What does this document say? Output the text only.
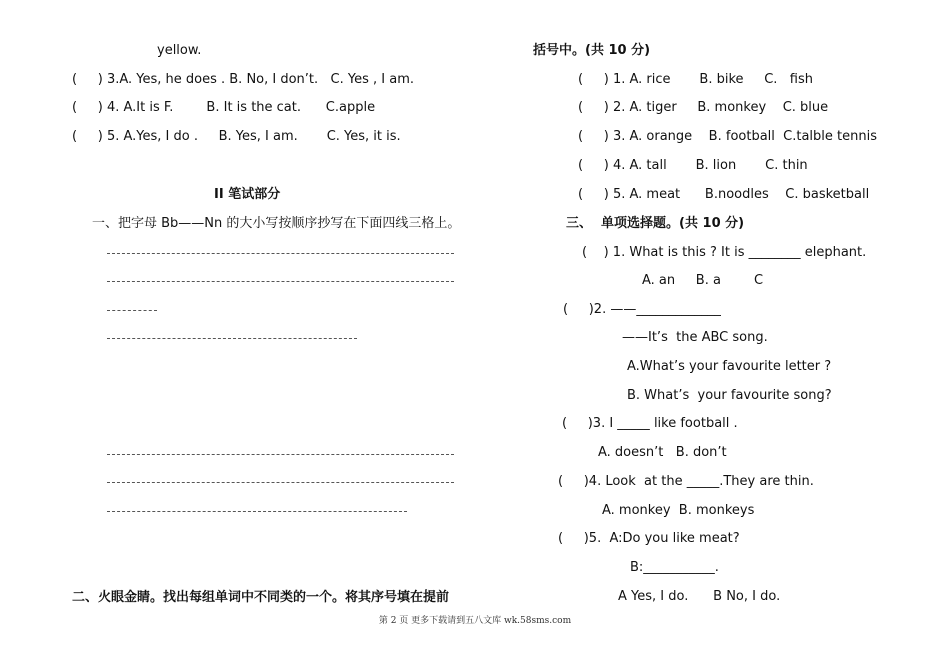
yellow.
(     ) 3.A. Yes, he does . B. No, I don’t.   C. Yes , I am.
(     ) 4. A.It is F.        B. It is the cat.      C.apple
(     ) 5. A.Yes, I do .     B. Yes, I am.       C. Yes, it is.
II 笔试部分
一、把字母 Bb——Nn 的大小写按顺序抄写在下面四线三格上。
二、火眼金睛。找出每组单词中不同类的一个。将其序号填在提前
括号中。(共 10 分)
(     ) 1. A. rice       B. bike     C.   fish
(     ) 2. A. tiger     B. monkey    C. blue
(     ) 3. A. orange    B. football  C.talble tennis
(     ) 4. A. tall       B. lion       C. thin
(     ) 5. A. meat      B.noodles    C. basketball
三、  单项选择题。(共 10 分)
(    ) 1. What is this ? It is ________ elephant.
A. an     B. a        C
(     )2. ——_____________
——It’s  the ABC song.
A.What’s your favourite letter ?
B. What’s  your favourite song?
(     )3. I _____ like football .
A. doesn’t   B. don’t
(     )4. Look  at the _____.They are thin.
A. monkey  B. monkeys
(     )5.  A:Do you like meat?
B:___________.
A Yes, I do.      B No, I do.
第 2 页 更多下载请到五八文库 wk.58sms.com
